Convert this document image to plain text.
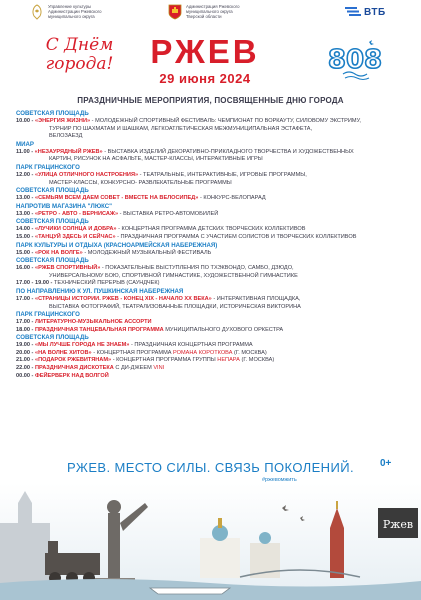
Управление культуры
Администрации Ржевского
муниципального округа
Администрация Ржевского
муниципального округа
Тверской области	ВТБ
С Днём города!	РЖЕВ
29 июня 2024
808
ПРАЗДНИЧНЫЕ МЕРОПРИЯТИЯ, ПОСВЯЩЕННЫЕ ДНЮ ГОРОДА
СОВЕТСКАЯ ПЛОЩАДЬ
10.00 - «ЭНЕРГИЯ ЖИЗНИ» - МОЛОДЕЖНЫЙ СПОРТИВНЫЙ ФЕСТИВАЛЬ: ЧЕМПИОНАТ ПО ВОРКАУТУ, СИЛОВОМУ ЭКСТРИМУ,
ТУРНИР ПО ШАХМАТАМ И ШАШКАМ, ЛЕГКОАТЛЕТИЧЕСКАЯ МЕЖМУНИЦИПАЛЬНАЯ ЭСТАФЕТА,
ВЕЛОЗАЕЗД
МИАР
11.00 - «НЕЗАУРЯДНЫЙ РЖЕВ» - ВЫСТАВКА ИЗДЕЛИЙ ДЕКОРАТИВНО-ПРИКЛАДНОГО ТВОРЧЕСТВА И ХУДОЖЕСТВЕННЫХ
КАРТИН, РИСУНОК НА АСФАЛЬТЕ, МАСТЕР-КЛАССЫ, ИНТЕРАКТИВНЫЕ ИГРЫ
ПАРК ГРАЦИНСКОГО
12.00 - «УЛИЦА ОТЛИЧНОГО НАСТРОЕНИЯ» - ТЕАТРАЛЬНЫЕ, ИНТЕРАКТИВНЫЕ, ИГРОВЫЕ ПРОГРАММЫ,
МАСТЕР-КЛАССЫ, КОНКУРСНО- РАЗВЛЕКАТЕЛЬНЫЕ ПРОГРАММЫ
СОВЕТСКАЯ ПЛОЩАДЬ
13.00 - «СЕМЬЯМ ВСЕМ ДАЕМ СОВЕТ - ВМЕСТЕ НА ВЕЛОСИПЕД» - КОНКУРС-ВЕЛОПАРАД
НАПРОТИВ МАГАЗИНА "ЛЮКС"
13.00 - «РЕТРО - АВТО - ВЕРНИСАЖ» - ВЫСТАВКА РЕТРО-АВТОМОБИЛЕЙ
СОВЕТСКАЯ ПЛОЩАДЬ
14.00 - «ЛУЧИКИ СОЛНЦА И ДОБРА» - КОНЦЕРТНАЯ ПРОГРАММА ДЕТСКИХ ТВОРЧЕСКИХ КОЛЛЕКТИВОВ
15.00 - «ТАНЦУЙ ЗДЕСЬ И СЕЙЧАС» - ПРАЗДНИЧНАЯ ПРОГРАММА С УЧАСТИЕМ СОЛИСТОВ И ТВОРЧЕСКИХ КОЛЛЕКТИВОВ
ПАРК КУЛЬТУРЫ И ОТДЫХА (КРАСНОАРМЕЙСКАЯ НАБЕРЕЖНАЯ)
15.00 - «РОК НА ВОЛГЕ» - МОЛОДЕЖНЫЙ МУЗЫКАЛЬНЫЙ ФЕСТИВАЛЬ
СОВЕТСКАЯ ПЛОЩАДЬ
16.00 - «РЖЕВ СПОРТИВНЫЙ» - ПОКАЗАТЕЛЬНЫЕ ВЫСТУПЛЕНИЯ ПО ТХЭКВОНДО, САМБО, ДЗЮДО,
УНИВЕРСАЛЬНОМУ БОЮ, СПОРТИВНОЙ ГИМНАСТИКЕ, ХУДОЖЕСТВЕННОЙ ГИМНАСТИКЕ
17.00 - 19.00 - ТЕХНИЧЕСКИЙ ПЕРЕРЫВ (САУНДЧЕК)
ПО НАПРАВЛЕНИЮ К УЛ. ПУШКИНСКАЯ НАБЕРЕЖНАЯ
17.00 - «СТРАНИЦЫ ИСТОРИИ. РЖЕВ - КОНЕЦ XIX - НАЧАЛО XX ВЕКА» - ИНТЕРАКТИВНАЯ ПЛОЩАДКА,
ВЫСТАВКА ФОТОГРАФИЙ, ТЕАТРАЛИЗОВАННЫЕ ПЛОЩАДКИ, ИСТОРИЧЕСКАЯ ВИКТОРИНА
ПАРК ГРАЦИНСКОГО
17.00 - ЛИТЕРАТУРНО-МУЗЫКАЛЬНОЕ АССОРТИ
18.00 - ПРАЗДНИЧНАЯ ТАНЦЕВАЛЬНАЯ ПРОГРАММА МУНИЦИПАЛЬНОГО ДУХОВОГО ОРКЕСТРА
СОВЕТСКАЯ ПЛОЩАДЬ
19.00 - «МЫ ЛУЧШЕ ГОРОДА НЕ ЗНАЕМ» - ПРАЗДНИЧНАЯ КОНЦЕРТНАЯ ПРОГРАММА
20.00 - «НА ВОЛНЕ ХИТОВ» - КОНЦЕРТНАЯ ПРОГРАММА РОМАНА КОРОТКОВА (Г. МОСКВА)
21.00 - «ПОДАРОК РЖЕВИТЯНАМ» - КОНЦЕРТНАЯ ПРОГРАММА ГРУППЫ НЕПАРА (Г. МОСКВА)
22.00 - ПРАЗДНИЧНАЯ ДИСКОТЕКА С ДИ-ДЖЕЕМ VINI
00.00 - ФЕЙЕРВЕРК НАД ВОЛГОЙ
0+
РЖЕВ. МЕСТО СИЛЫ. СВЯЗЬ ПОКОЛЕНИЙ.
#ржевомжить
Ржев
